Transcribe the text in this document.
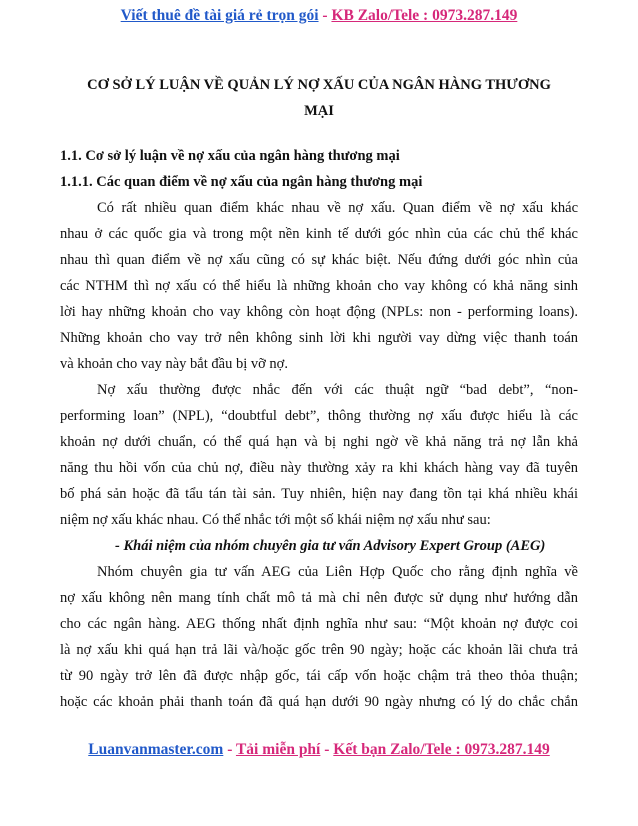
Viết thuê đề tài giá rẻ trọn gói - KB Zalo/Tele : 0973.287.149
CƠ SỞ LÝ LUẬN VỀ QUẢN LÝ NỢ XẤU CỦA NGÂN HÀNG THƯƠNG
MẠI
1.1. Cơ sở lý luận về nợ xấu của ngân hàng thương mại
1.1.1. Các quan điểm về nợ xấu của ngân hàng thương mại
Có rất nhiều quan điểm khác nhau về nợ xấu. Quan điểm về nợ xấu khác
nhau ở các quốc gia và trong một nền kinh tế dưới góc nhìn của các chủ thể khác
nhau thì quan điểm về nợ xấu cũng có sự khác biệt. Nếu đứng dưới góc nhìn của
các NTHM thì nợ xấu có thể hiểu là những khoản cho vay không có khả năng sinh
lời hay những khoản cho vay không còn hoạt động (NPLs: non - performing loans).
Những khoản cho vay trở nên không sinh lời khi người vay dừng việc thanh toán
và khoản cho vay này bắt đầu bị vỡ nợ.
Nợ xấu thường được nhắc đến với các thuật ngữ “bad debt”, “non-
performing loan” (NPL), “doubtful debt”, thông thường nợ xấu được hiểu là các
khoản nợ dưới chuẩn, có thể quá hạn và bị nghi ngờ về khả năng trả nợ lẫn khả
năng thu hồi vốn của chủ nợ, điều này thường xảy ra khi khách hàng vay đã tuyên
bố phá sản hoặc đã tẩu tán tài sản. Tuy nhiên, hiện nay đang tồn tại khá nhiều khái
niệm nợ xấu khác nhau. Có thể nhắc tới một số khái niệm nợ xấu như sau:
- Khái niệm của nhóm chuyên gia tư vấn Advisory Expert Group (AEG)
Nhóm chuyên gia tư vấn AEG của Liên Hợp Quốc cho rằng định nghĩa về
nợ xấu không nên mang tính chất mô tả mà chỉ nên được sử dụng như hướng dẫn
cho các ngân hàng. AEG thống nhất định nghĩa như sau: “Một khoản nợ được coi
là nợ xấu khi quá hạn trả lãi và/hoặc gốc trên 90 ngày; hoặc các khoản lãi chưa trả
từ 90 ngày trở lên đã được nhập gốc, tái cấp vốn hoặc chậm trả theo thỏa thuận;
hoặc các khoản phải thanh toán đã quá hạn dưới 90 ngày nhưng có lý do chắc chắn
Luanvanmaster.com - Tải miễn phí - Kết bạn Zalo/Tele : 0973.287.149
